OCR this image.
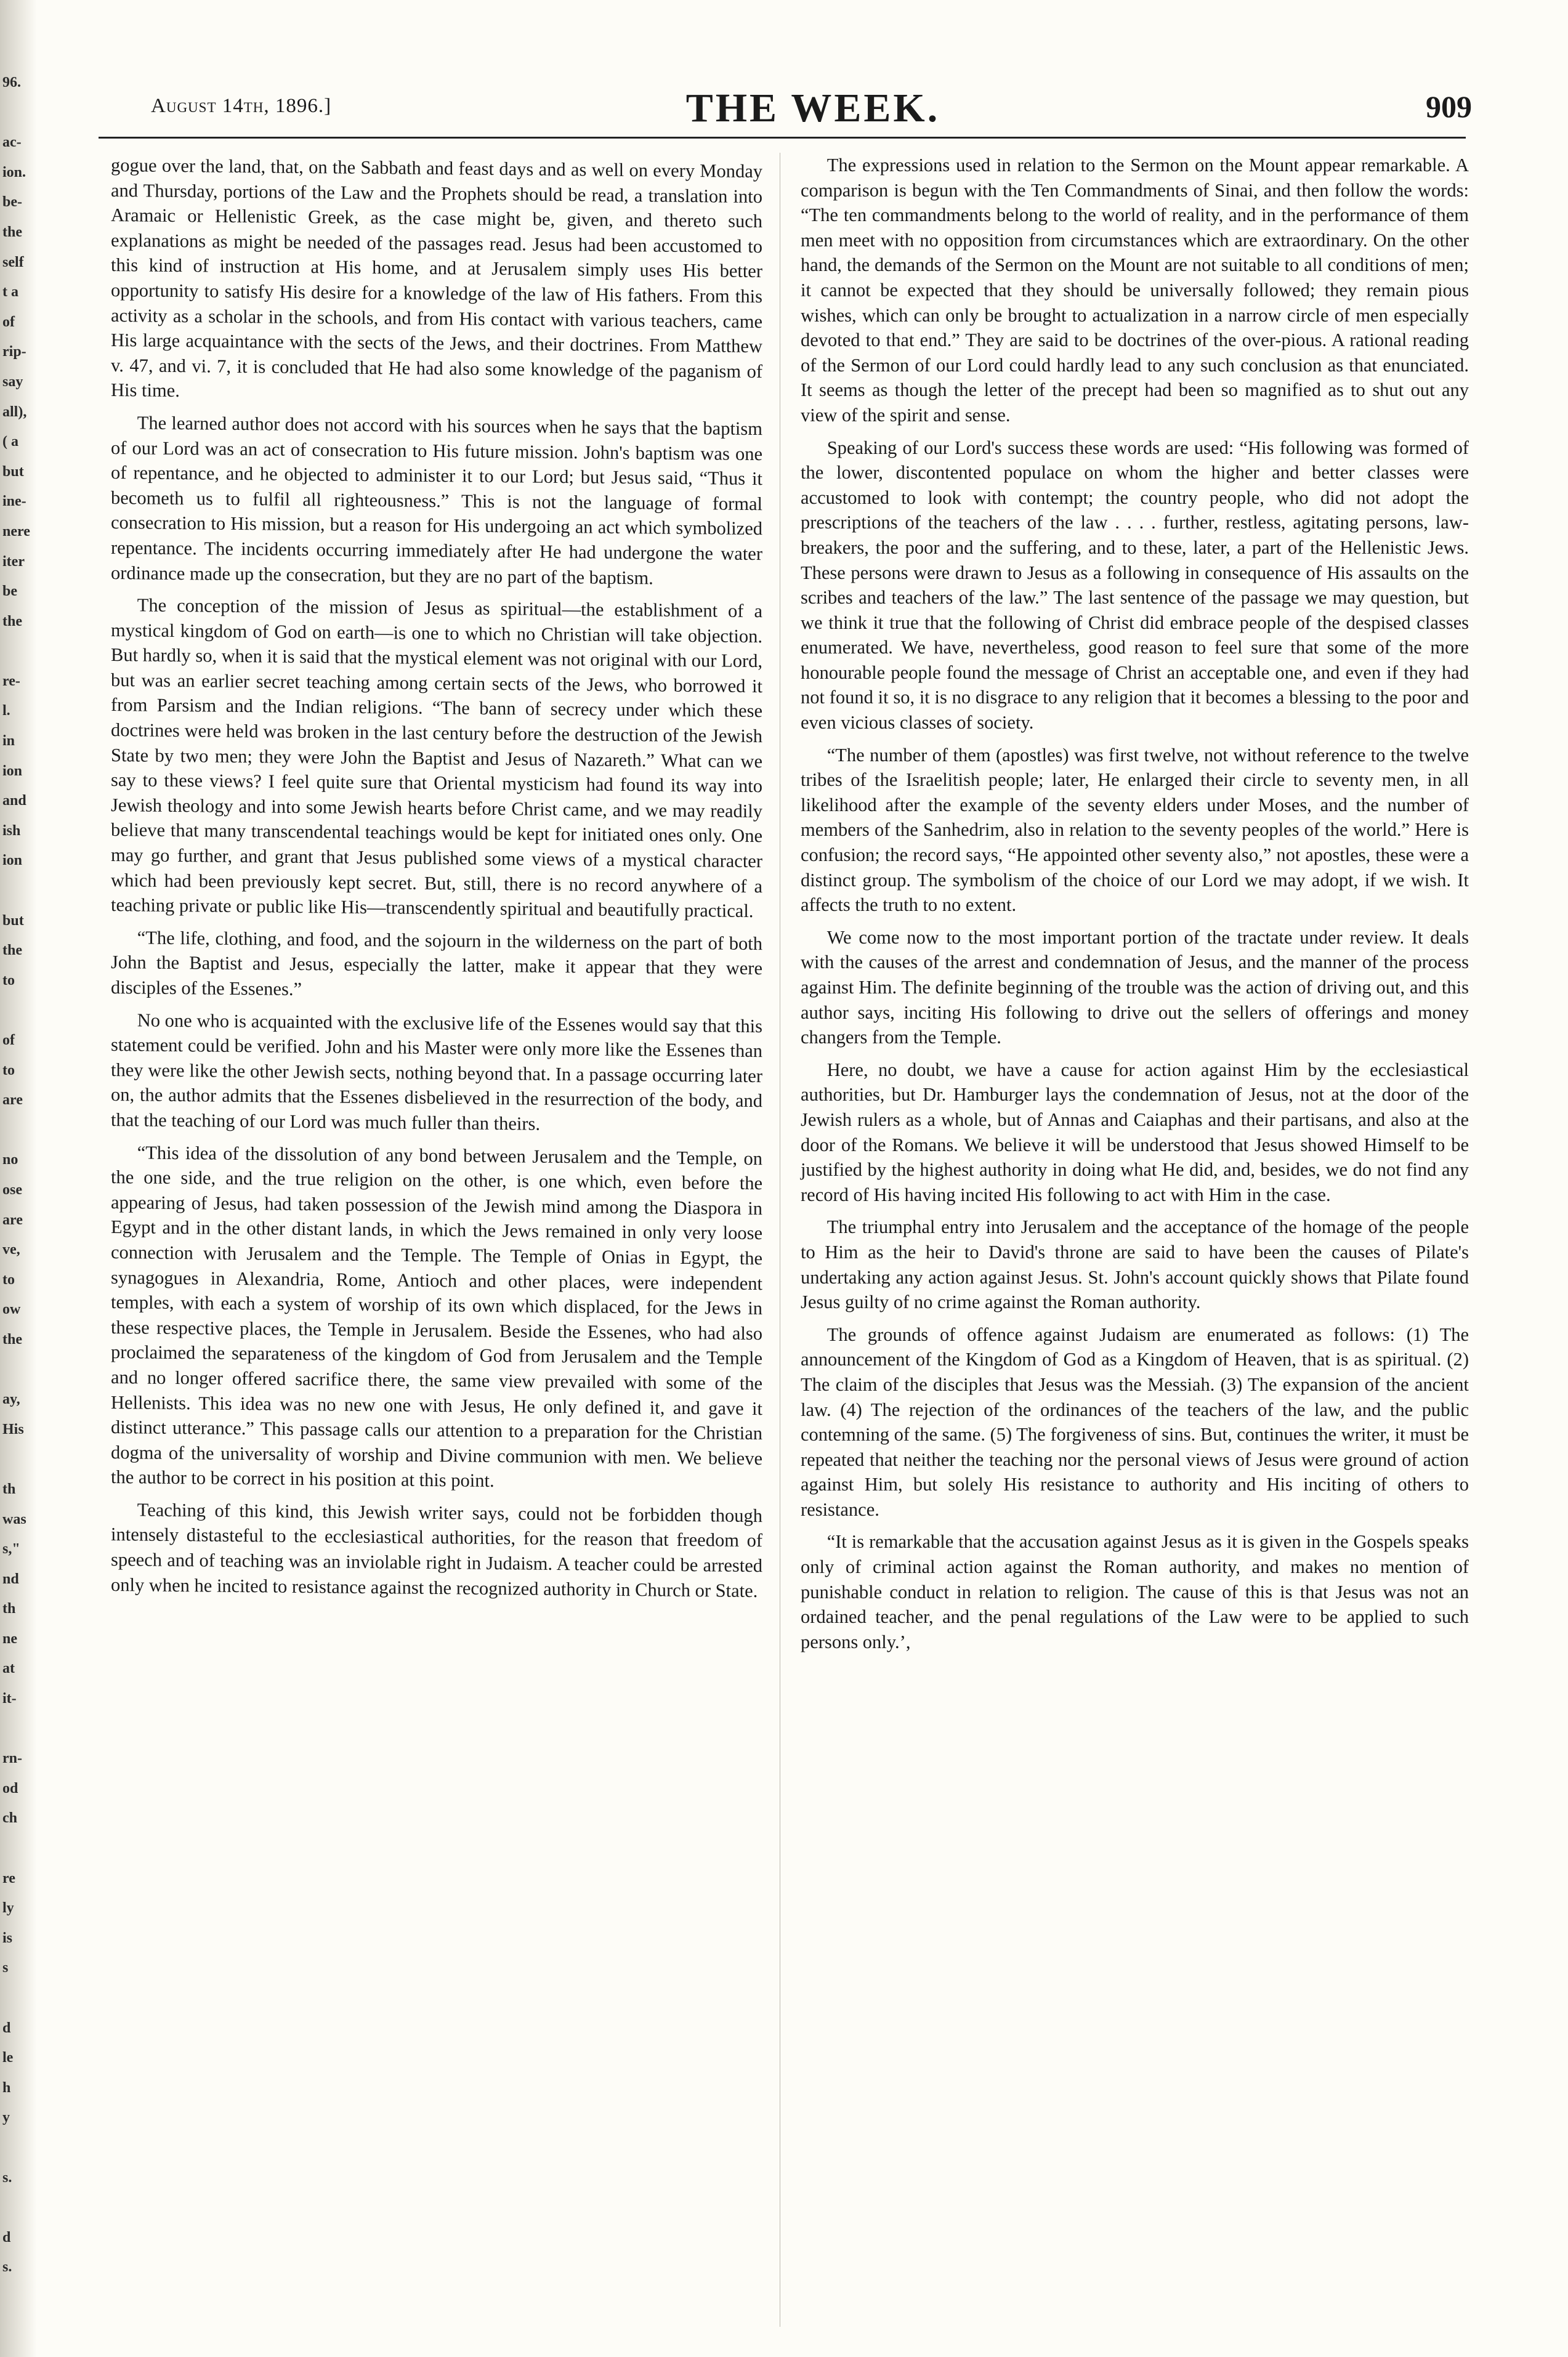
96.

ac-
ion.
be-
the
self
t a
of
rip-
say
all),
( a
but
ine-
nere
iter
be
the

re-
l.
in
ion
and
ish
ion

but
the
to

of
to
are

no
ose
are
ve,
to
ow
the

ay,
His

th
was
s,"
nd
th
ne
at
it-

rn-
od
ch

re
ly
is
s

d
le
h
y

s.

d
s.
August 14th, 1896.]	THE WEEK.	909

gogue over the land, that, on the Sabbath and feast days and as well on every Monday and Thursday, portions of the Law and the Prophets should be read, a translation into Aramaic or Hellenistic Greek, as the case might be, given, and thereto such explanations as might be needed of the passages read. Jesus had been accustomed to this kind of instruction at His home, and at Jerusalem simply uses His better opportunity to satisfy His desire for a knowledge of the law of His fathers. From this activity as a scholar in the schools, and from His contact with various teachers, came His large acquaintance with the sects of the Jews, and their doctrines. From Matthew v. 47, and vi. 7, it is concluded that He had also some knowledge of the paganism of His time.

The learned author does not accord with his sources when he says that the baptism of our Lord was an act of consecration to His future mission. John's baptism was one of repentance, and he objected to administer it to our Lord; but Jesus said, “Thus it becometh us to fulfil all righteousness.” This is not the language of formal consecration to His mission, but a reason for His undergoing an act which symbolized repentance. The incidents occurring immediately after He had undergone the water ordinance made up the consecration, but they are no part of the baptism.

The conception of the mission of Jesus as spiritual—the establishment of a mystical kingdom of God on earth—is one to which no Christian will take objection. But hardly so, when it is said that the mystical element was not original with our Lord, but was an earlier secret teaching among certain sects of the Jews, who borrowed it from Parsism and the Indian religions. “The bann of secrecy under which these doctrines were held was broken in the last century before the destruction of the Jewish State by two men; they were John the Baptist and Jesus of Nazareth.” What can we say to these views? I feel quite sure that Oriental mysticism had found its way into Jewish theology and into some Jewish hearts before Christ came, and we may readily believe that many transcendental teachings would be kept for initiated ones only. One may go further, and grant that Jesus published some views of a mystical character which had been previously kept secret. But, still, there is no record anywhere of a teaching private or public like His—transcendently spiritual and beautifully practical.

“The life, clothing, and food, and the sojourn in the wilderness on the part of both John the Baptist and Jesus, especially the latter, make it appear that they were disciples of the Essenes.”

No one who is acquainted with the exclusive life of the Essenes would say that this statement could be verified. John and his Master were only more like the Essenes than they were like the other Jewish sects, nothing beyond that. In a passage occurring later on, the author admits that the Essenes disbelieved in the resurrection of the body, and that the teaching of our Lord was much fuller than theirs.

“This idea of the dissolution of any bond between Jerusalem and the Temple, on the one side, and the true religion on the other, is one which, even before the appearing of Jesus, had taken possession of the Jewish mind among the Diaspora in Egypt and in the other distant lands, in which the Jews remained in only very loose connection with Jerusalem and the Temple. The Temple of Onias in Egypt, the synagogues in Alexandria, Rome, Antioch and other places, were independent temples, with each a system of worship of its own which displaced, for the Jews in these respective places, the Temple in Jerusalem. Beside the Essenes, who had also proclaimed the separateness of the kingdom of God from Jerusalem and the Temple and no longer offered sacrifice there, the same view prevailed with some of the Hellenists. This idea was no new one with Jesus, He only defined it, and gave it distinct utterance.” This passage calls our attention to a preparation for the Christian dogma of the universality of worship and Divine communion with men. We believe the author to be correct in his position at this point.

Teaching of this kind, this Jewish writer says, could not be forbidden though intensely distasteful to the ecclesiastical authorities, for the reason that freedom of speech and of teaching was an inviolable right in Judaism. A teacher could be arrested only when he incited to resistance against the recognized authority in Church or State.

The expressions used in relation to the Sermon on the Mount appear remarkable. A comparison is begun with the Ten Commandments of Sinai, and then follow the words: “The ten commandments belong to the world of reality, and in the performance of them men meet with no opposition from circumstances which are extraordinary. On the other hand, the demands of the Sermon on the Mount are not suitable to all conditions of men; it cannot be expected that they should be universally followed; they remain pious wishes, which can only be brought to actualization in a narrow circle of men especially devoted to that end.” They are said to be doctrines of the over-pious. A rational reading of the Sermon of our Lord could hardly lead to any such conclusion as that enunciated. It seems as though the letter of the precept had been so magnified as to shut out any view of the spirit and sense.

Speaking of our Lord's success these words are used: “His following was formed of the lower, discontented populace on whom the higher and better classes were accustomed to look with contempt; the country people, who did not adopt the prescriptions of the teachers of the law . . . . further, restless, agitating persons, law-breakers, the poor and the suffering, and to these, later, a part of the Hellenistic Jews. These persons were drawn to Jesus as a following in consequence of His assaults on the scribes and teachers of the law.” The last sentence of the passage we may question, but we think it true that the following of Christ did embrace people of the despised classes enumerated. We have, nevertheless, good reason to feel sure that some of the more honourable people found the message of Christ an acceptable one, and even if they had not found it so, it is no disgrace to any religion that it becomes a blessing to the poor and even vicious classes of society.

“The number of them (apostles) was first twelve, not without reference to the twelve tribes of the Israelitish people; later, He enlarged their circle to seventy men, in all likelihood after the example of the seventy elders under Moses, and the number of members of the Sanhedrim, also in relation to the seventy peoples of the world.” Here is confusion; the record says, “He appointed other seventy also,” not apostles, these were a distinct group. The symbolism of the choice of our Lord we may adopt, if we wish. It affects the truth to no extent.

We come now to the most important portion of the tractate under review. It deals with the causes of the arrest and condemnation of Jesus, and the manner of the process against Him. The definite beginning of the trouble was the action of driving out, and this author says, inciting His following to drive out the sellers of offerings and money changers from the Temple.

Here, no doubt, we have a cause for action against Him by the ecclesiastical authorities, but Dr. Hamburger lays the condemnation of Jesus, not at the door of the Jewish rulers as a whole, but of Annas and Caiaphas and their partisans, and also at the door of the Romans. We believe it will be understood that Jesus showed Himself to be justified by the highest authority in doing what He did, and, besides, we do not find any record of His having incited His following to act with Him in the case.

The triumphal entry into Jerusalem and the acceptance of the homage of the people to Him as the heir to David's throne are said to have been the causes of Pilate's undertaking any action against Jesus. St. John's account quickly shows that Pilate found Jesus guilty of no crime against the Roman authority.

The grounds of offence against Judaism are enumerated as follows: (1) The announcement of the Kingdom of God as a Kingdom of Heaven, that is as spiritual. (2) The claim of the disciples that Jesus was the Messiah. (3) The expansion of the ancient law. (4) The rejection of the ordinances of the teachers of the law, and the public contemning of the same. (5) The forgiveness of sins. But, continues the writer, it must be repeated that neither the teaching nor the personal views of Jesus were ground of action against Him, but solely His resistance to authority and His inciting of others to resistance.

“It is remarkable that the accusation against Jesus as it is given in the Gospels speaks only of criminal action against the Roman authority, and makes no mention of punishable conduct in relation to religion. The cause of this is that Jesus was not an ordained teacher, and the penal regulations of the Law were to be applied to such persons only.’,
